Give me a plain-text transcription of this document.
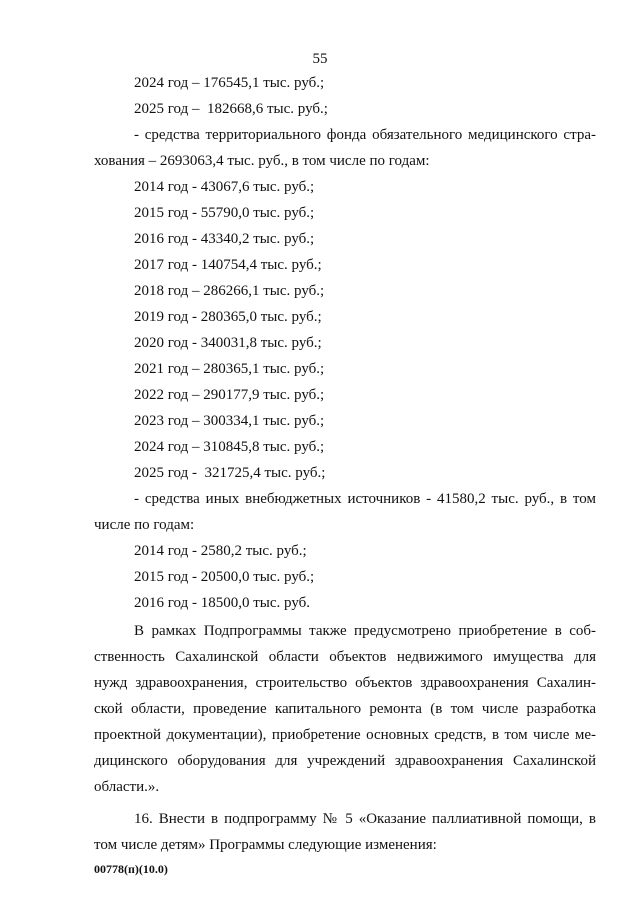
55
2024 год – 176545,1 тыс. руб.;
2025 год –  182668,6 тыс. руб.;
- средства территориального фонда обязательного медицинского стра-
хования – 2693063,4 тыс. руб., в том числе по годам:
2014 год - 43067,6 тыс. руб.;
2015 год - 55790,0 тыс. руб.;
2016 год - 43340,2 тыс. руб.;
2017 год - 140754,4 тыс. руб.;
2018 год – 286266,1 тыс. руб.;
2019 год - 280365,0 тыс. руб.;
2020 год - 340031,8 тыс. руб.;
2021 год – 280365,1 тыс. руб.;
2022 год – 290177,9 тыс. руб.;
2023 год – 300334,1 тыс. руб.;
2024 год – 310845,8 тыс. руб.;
2025 год -  321725,4 тыс. руб.;
- средства иных внебюджетных источников - 41580,2 тыс. руб., в том
числе по годам:
2014 год - 2580,2 тыс. руб.;
2015 год - 20500,0 тыс. руб.;
2016 год - 18500,0 тыс. руб.
В рамках Подпрограммы также предусмотрено приобретение в соб-
ственность Сахалинской области объектов недвижимого имущества для
нужд здравоохранения, строительство объектов здравоохранения Сахалин-
ской области, проведение капитального ремонта (в том числе разработка
проектной документации), приобретение основных средств, в том числе ме-
дицинского оборудования для учреждений здравоохранения Сахалинской
области.».
16. Внести в подпрограмму № 5 «Оказание паллиативной помощи, в
том числе детям» Программы следующие изменения:
00778(п)(10.0)
